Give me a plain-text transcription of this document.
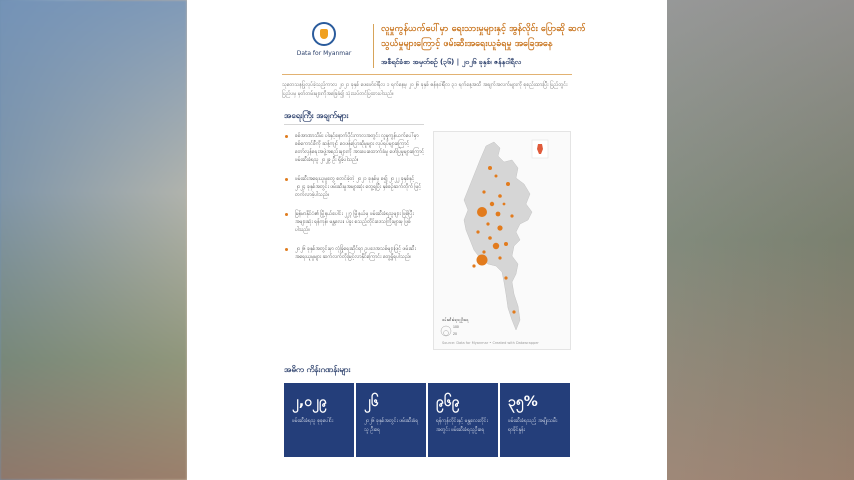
Data for Myanmar
လူမှုကွန်ယက်ပေါ်မှာ ရေးသားမှုများနှင့် အွန်လိုင်း ပြောဆို ဆက်သွယ်မှုများကြောင့် ဖမ်းဆီးအရေးယူခံရမှု အခြေအနေ
အစီရင်ခံစာ အမှတ်စဉ် (၃၆) | ၂၀၂၆ ခုနှစ်၊ ဇန်နဝါရီလ
သုတေသနပြုလုပ်ခဲ့သည့်ကာလ ၂၀၂၁ ခုနှစ် ဖေဖော်ဝါရီလ ၁ ရက်နေ့မှ ၂၀၂၆ ခုနှစ် ဇန်နဝါရီလ ၃၁ ရက်နေ့အထိ အချက်အလက်များကို စုစည်းထားပြီး ပြည်တွင်းပြည်ပမှ မှတ်တမ်းများကိုအခြေခံ၍ သုံးသပ်တင်ပြထားပါသည်။
အရေးကြီး အချက်များ
စစ်အာဏာသိမ်း ပါးနှင့်နောက်ပိုင်းကာလအတွင်း လူမှုကွန်ယက်ပေါ်မှာ စစ်ကောင်စီကို ဆန့်ကျင် ဝေဖန်ပြောဆိုမှုများ လုပ်ရပ်များကြောင့် တော်လှန်ရေးအဖွဲ့အစည်းများကို အားပေးထောက်ခံမှု ဖော်ပြမှုများကြောင့် ဖမ်းဆီးခံရသူ ၂၀၂၉ ဦး ရှိခဲ့ပါသည်။
ဖမ်းဆီးအရေးယူမှုတွေ စတင်ခဲ့တဲ့ ၂၀၂၁ ခုနှစ်မှ စ၍ ၂၀၂၂ ခုနှစ်နှင့် ၂၀၂၄ ခုနှစ်အတွင်း ဖမ်းဆီးမှုအများဆုံး တွေ့ရပြီး နှစ်စဉ်ဆက်တိုက် မြင့်တက်လာခဲ့ပါသည်။
မြန်မာနိုင်ငံ၏ မြို့နယ်ပေါင်း ၂၂၇ မြို့နယ်မှ ဖမ်းဆီးခံရသူများ ဖြစ်ပြီး အများဆုံး ရန်ကုန်၊ မန္တလေး၊ ပဲခူး စသည့်တိုင်းဒေသကြီးများမှ ဖြစ်ပါသည်။
၂၀၂၆ ခုနှစ်အတွင်းမှာ လုံခြုံရေးဆိုင်ရာ ဥပဒေအသစ်များဖြင့် ဖမ်းဆီးအရေးယူမှုများ ဆက်လက်တိုးမြင့်လာနိုင်ကြောင်း တွေ့ရှိရပါသည်။
100
20
ဖမ်းဆီးခံရသူဦးရေ
Source: Data for Myanmar • Created with Datawrapper
အဓိက ကိန်းဂဏန်းများ
၂,၀၂၉
ဖမ်းဆီးခံရသူ စုစုပေါင်း
၂၆
၂၀၂၆ ခုနှစ်အတွင်း ဖမ်းဆီးခံရသူ ဦးရေ
၉၆၉
ရန်ကုန်တိုင်းနှင့် မန္တလေးတိုင်း အတွင်း ဖမ်းဆီးခံရသူဦးရေ
၃၅%
ဖမ်းဆီးခံရသည့် အမျိုးသမီး ရာခိုင်နှုန်း
